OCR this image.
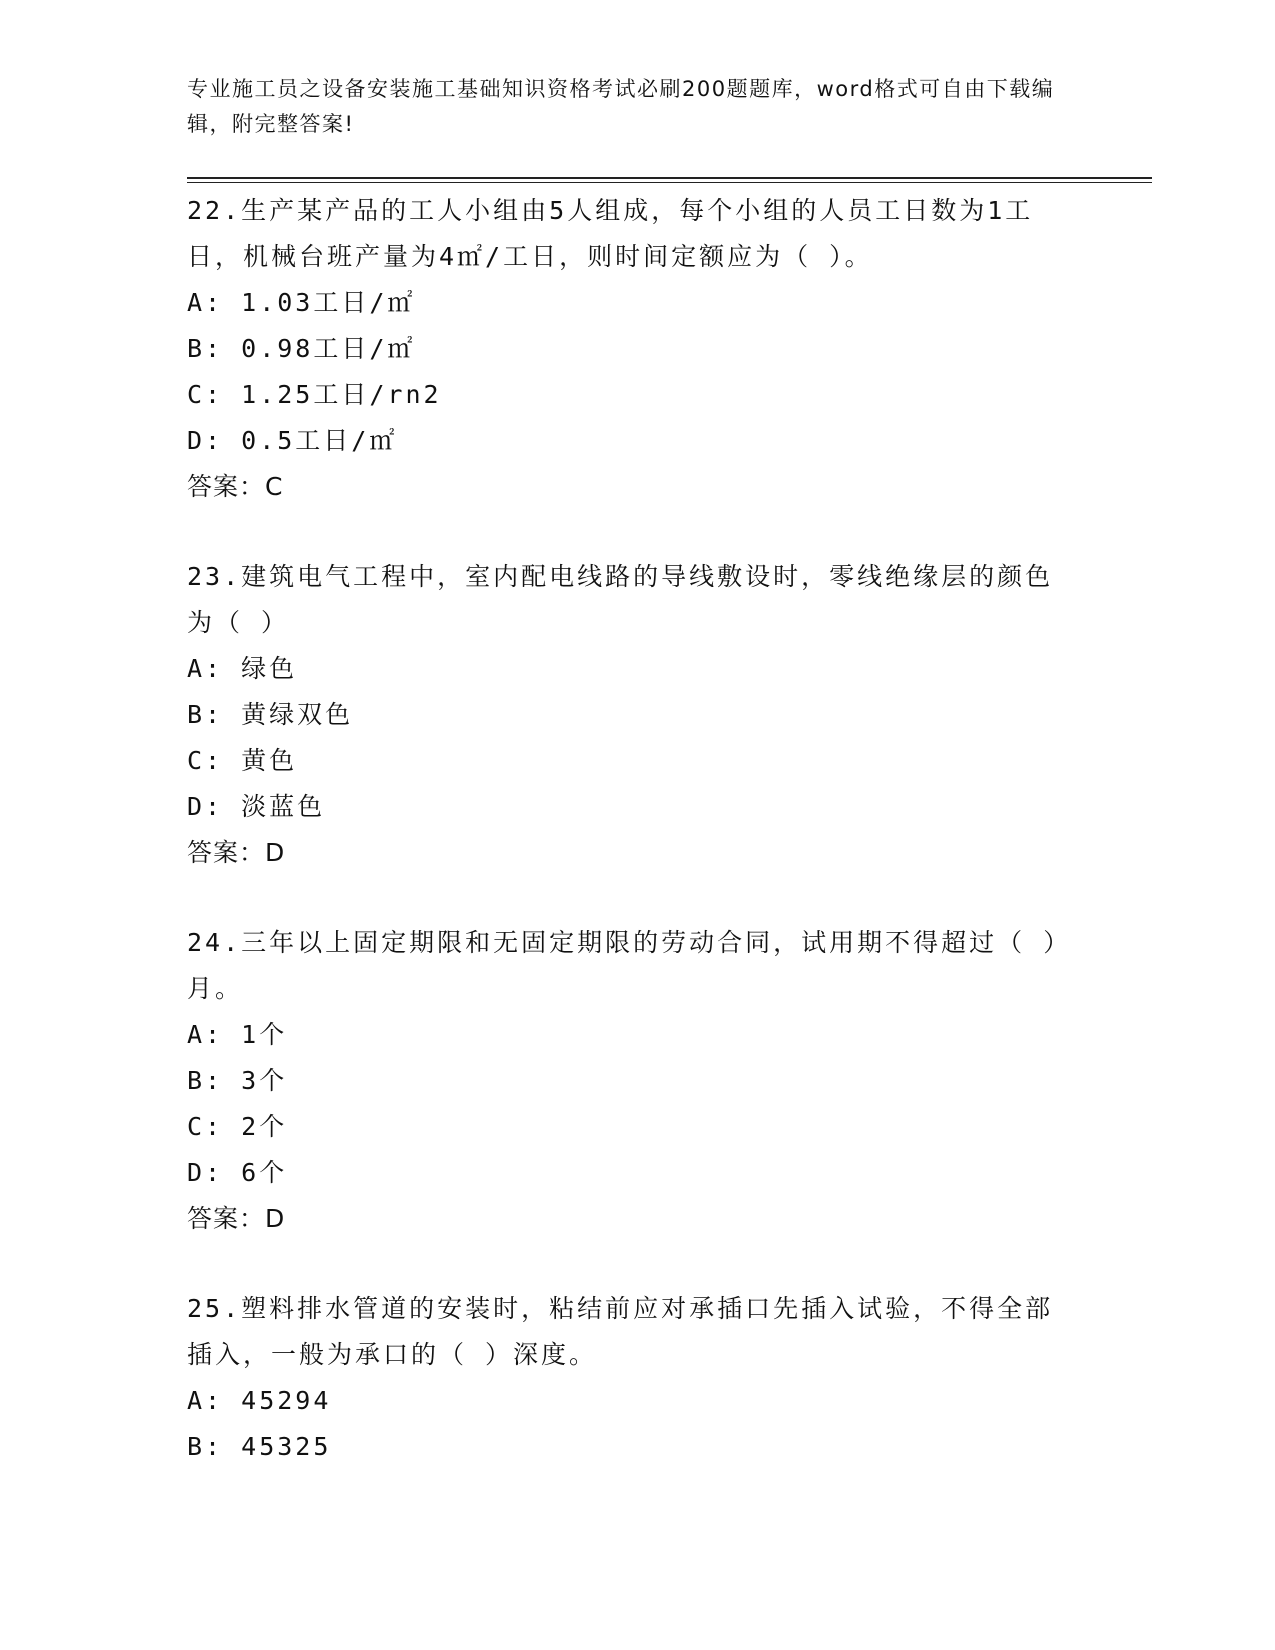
专业施工员之设备安装施工基础知识资格考试必刷200题题库，word格式可自由下载编辑，附完整答案!
22.生产某产品的工人小组由5人组成，每个小组的人员工日数为1工日，机械台班产量为4㎡/工日，则时间定额应为（ ）。
A: 1.03工日/㎡
B: 0.98工日/㎡
C: 1.25工日/rn2
D: 0.5工日/㎡
答案：C
23.建筑电气工程中，室内配电线路的导线敷设时，零线绝缘层的颜色为（ ）
A: 绿色
B: 黄绿双色
C: 黄色
D: 淡蓝色
答案：D
24.三年以上固定期限和无固定期限的劳动合同，试用期不得超过（ ）月。
A: 1个
B: 3个
C: 2个
D: 6个
答案：D
25.塑料排水管道的安装时，粘结前应对承插口先插入试验，不得全部插入，一般为承口的（ ）深度。
A: 45294
B: 45325
